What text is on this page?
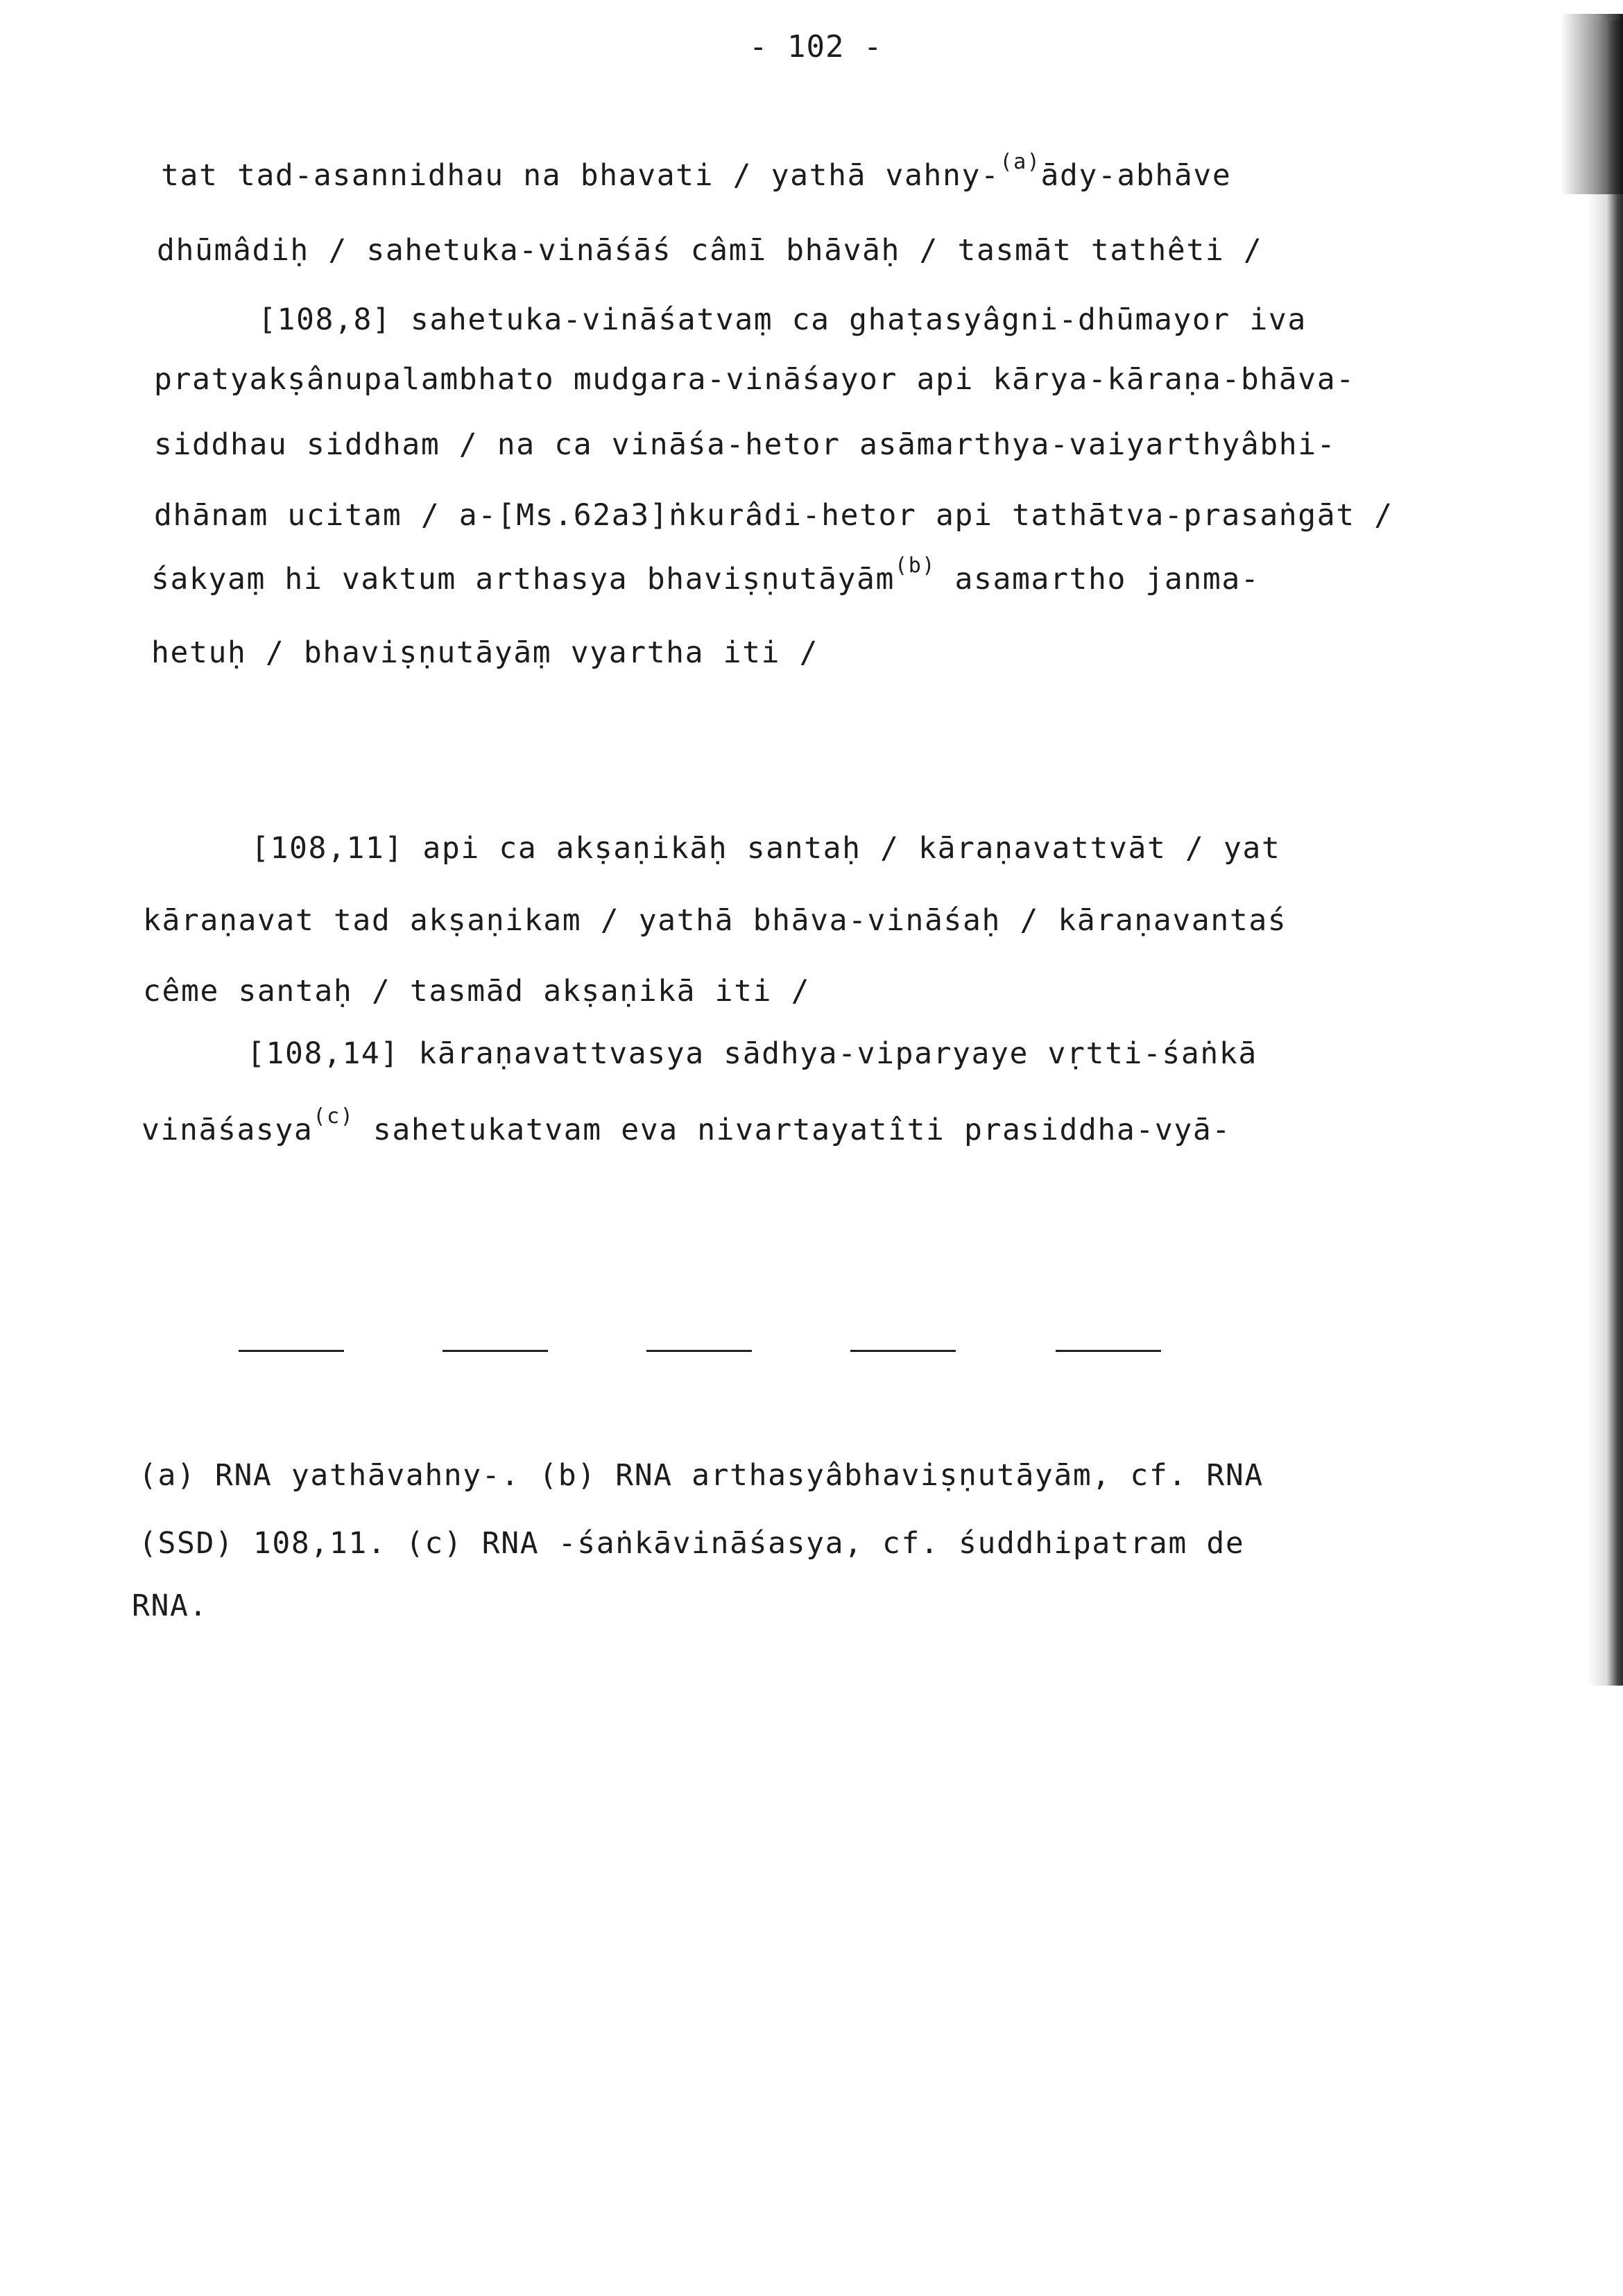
- 102 -
tat tad-asannidhau na bhavati / yathā vahny-$^{(a)}$ādy-abhāve
dhūmâdiḥ / sahetuka-vināśāś câmī bhāvāḥ / tasmāt tathêti /
[108,8] sahetuka-vināśatvaṃ ca ghaṭasyâgni-dhūmayor iva
pratyakṣânupalambhato mudgara-vināśayor api kārya-kāraṇa-bhāva-
siddhau siddham / na ca vināśa-hetor asāmarthya-vaiyarthyâbhi-
dhānam ucitam / a-[Ms.62a3]ṅkurâdi-hetor api tathātva-prasaṅgāt /
śakyaṃ hi vaktum arthasya bhaviṣṇutāyām$^{(b)}$ asamartho janma-
hetuḥ / bhaviṣṇutāyāṃ vyartha iti /
[108,11] api ca akṣaṇikāḥ santaḥ / kāraṇavattvāt / yat
kāraṇavat tad akṣaṇikam / yathā bhāva-vināśaḥ / kāraṇavantaś
cême santaḥ / tasmād akṣaṇikā iti /
[108,14] kāraṇavattvasya sādhya-viparyaye vṛtti-śaṅkā
vināśasya$^{(c)}$ sahetukatvam eva nivartayatîti prasiddha-vyā-
(a) RNA yathāvahny-. (b) RNA arthasyâbhaviṣṇutāyām, cf. RNA
(SSD) 108,11. (c) RNA -śaṅkāvināśasya, cf. śuddhipatram de
RNA.
